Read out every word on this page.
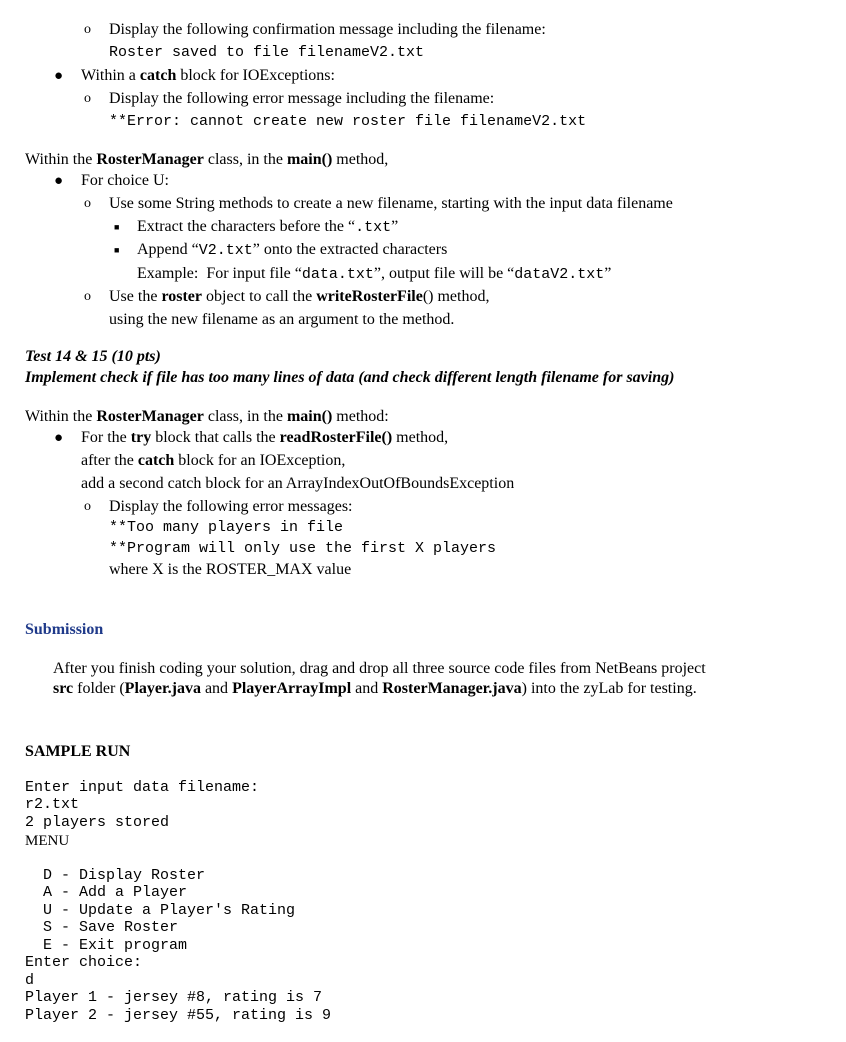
o Display the following confirmation message including the filename:
Roster saved to file filenameV2.txt
● Within a catch block for IOExceptions:
o Display the following error message including the filename:
**Error: cannot create new roster file filenameV2.txt
Within the RosterManager class, in the main() method,
● For choice U:
o Use some String methods to create a new filename, starting with the input data filename
■ Extract the characters before the “.txt”
■ Append “V2.txt” onto the extracted characters
Example:  For input file “data.txt”, output file will be “dataV2.txt”
o Use the roster object to call the writeRosterFile() method,
using the new filename as an argument to the method.
Test 14 & 15 (10 pts)
Implement check if file has too many lines of data (and check different length filename for saving)
Within the RosterManager class, in the main() method:
● For the try block that calls the readRosterFile() method,
after the catch block for an IOException,
add a second catch block for an ArrayIndexOutOfBoundsException
o Display the following error messages:
**Too many players in file
**Program will only use the first X players
where X is the ROSTER_MAX value
Submission
After you finish coding your solution, drag and drop all three source code files from NetBeans project
src folder (Player.java and PlayerArrayImpl and RosterManager.java) into the zyLab for testing.
SAMPLE RUN

Enter input data filename:
r2.txt
2 players stored

MENU

D - Display Roster
A - Add a Player
U - Update a Player's Rating
S - Save Roster
E - Exit program
Enter choice:
d
Player 1 - jersey #8, rating is 7
Player 2 - jersey #55, rating is 9
